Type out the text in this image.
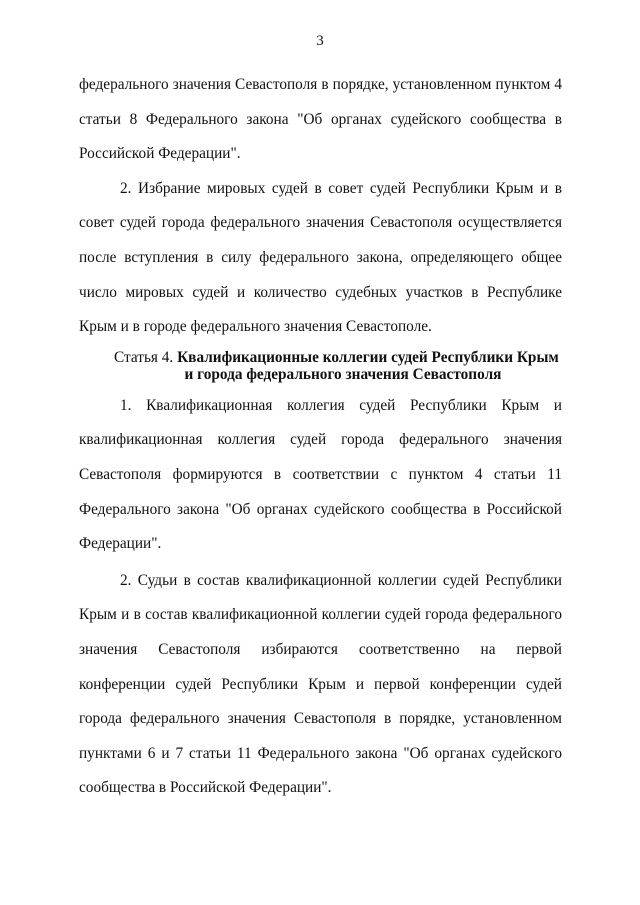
3

федерального значения Севастополя в порядке, установленном пунктом 4 статьи 8 Федерального закона "Об органах судейского сообщества в Российской Федерации".

2. Избрание мировых судей в совет судей Республики Крым и в совет судей города федерального значения Севастополя осуществляется после вступления в силу федерального закона, определяющего общее число мировых судей и количество судебных участков в Республике Крым и в городе федерального значения Севастополе.

Статья 4. Квалификационные коллегии судей Республики Крым
и города федерального значения Севастополя

1. Квалификационная коллегия судей Республики Крым и квалификационная коллегия судей города федерального значения Севастополя формируются в соответствии с пунктом 4 статьи 11 Федерального закона "Об органах судейского сообщества в Российской Федерации".

2. Судьи в состав квалификационной коллегии судей Республики Крым и в состав квалификационной коллегии судей города федерального значения Севастополя избираются соответственно на первой конференции судей Республики Крым и первой конференции судей города федерального значения Севастополя в порядке, установленном пунктами 6 и 7 статьи 11 Федерального закона "Об органах судейского сообщества в Российской Федерации".
